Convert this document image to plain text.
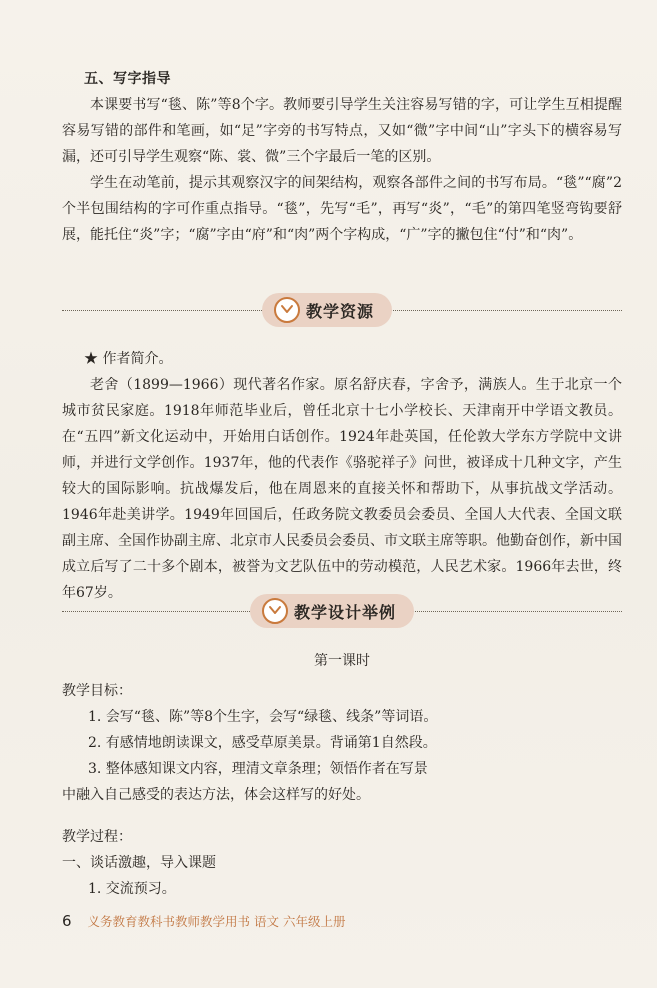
五、写字指导

本课要书写“毯、陈”等8个字。教师要引导学生关注容易写错的字，可让学生互相提醒容易写错的部件和笔画，如“足”字旁的书写特点，又如“微”字中间“山”字头下的横容易写漏，还可引导学生观察“陈、裳、微”三个字最后一笔的区别。

学生在动笔前，提示其观察汉字的间架结构，观察各部件之间的书写布局。“毯”“腐”2个半包围结构的字可作重点指导。“毯”，先写“毛”，再写“炎”，“毛”的第四笔竖弯钩要舒展，能托住“炎”字；“腐”字由“府”和“肉”两个字构成，“广”字的撇包住“付”和“肉”。

教学资源

★ 作者简介。

老舍（1899—1966）现代著名作家。原名舒庆春，字舍予，满族人。生于北京一个城市贫民家庭。1918年师范毕业后，曾任北京十七小学校长、天津南开中学语文教员。在“五四”新文化运动中，开始用白话创作。1924年赴英国，任伦敦大学东方学院中文讲师，并进行文学创作。1937年，他的代表作《骆驼祥子》问世，被译成十几种文字，产生较大的国际影响。抗战爆发后，他在周恩来的直接关怀和帮助下，从事抗战文学活动。1946年赴美讲学。1949年回国后，任政务院文教委员会委员、全国人大代表、全国文联副主席、全国作协副主席、北京市人民委员会委员、市文联主席等职。他勤奋创作，新中国成立后写了二十多个剧本，被誉为文艺队伍中的劳动模范，人民艺术家。1966年去世，终年67岁。

教学设计举例
第一课时

教学目标：

1. 会写“毯、陈”等8个生字，会写“绿毯、线条”等词语。
2. 有感情地朗读课文，感受草原美景。背诵第1自然段。
3. 整体感知课文内容，理清文章条理；领悟作者在写景

中融入自己感受的表达方法，体会这样写的好处。

教学过程：

一、谈话激趣，导入课题

1. 交流预习。
6 义务教育教科书教师教学用书 语文 六年级上册
